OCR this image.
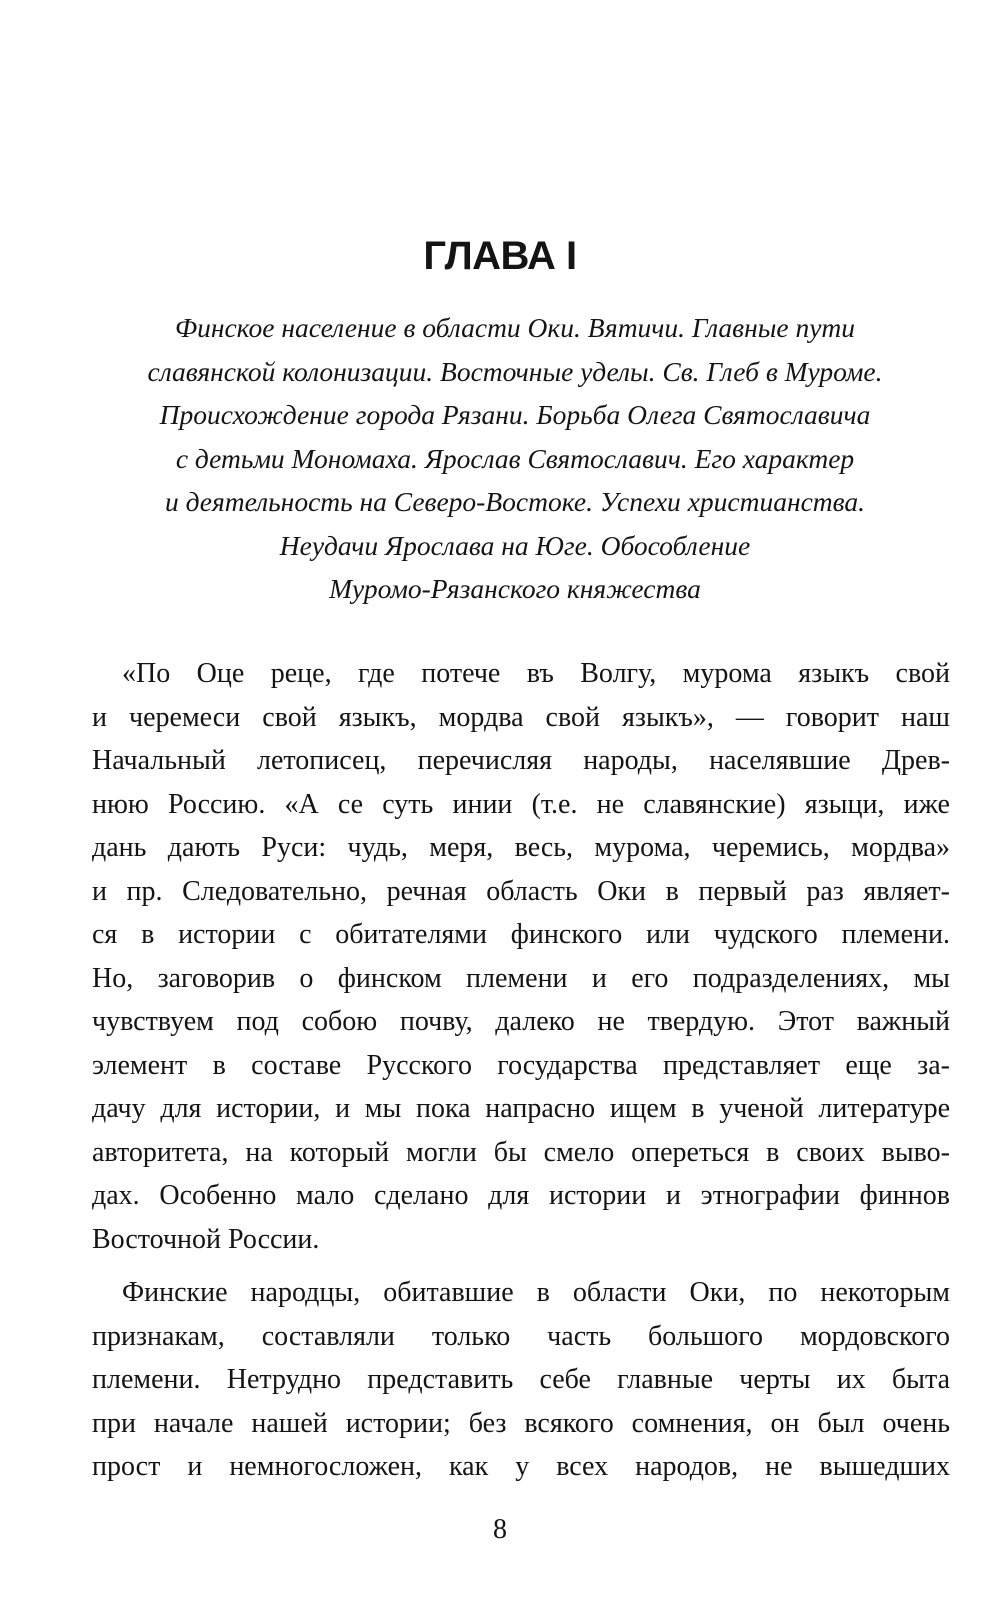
ГЛАВА I
Финское население в области Оки. Вятичи. Главные пути
славянской колонизации. Восточные уделы. Св. Глеб в Муроме.
Происхождение города Рязани. Борьба Олега Святославича
с детьми Мономаха. Ярослав Святославич. Его характер
и деятельность на Северо-Востоке. Успехи христианства.
Неудачи Ярослава на Юге. Обособление
Муромо-Рязанского княжества

«По Оце реце, где потече въ Волгу, мурома языкъ свой
и черемеси свой языкъ, мордва свой языкъ», — говорит наш
Начальный летописец, перечисляя народы, населявшие Древ-
нюю Россию. «А се суть инии (т.е. не славянские) языци, иже
дань дають Руси: чудь, меря, весь, мурома, черемись, мордва»
и пр. Следовательно, речная область Оки в первый раз являет-
ся в истории с обитателями финского или чудского племени.
Но, заговорив о финском племени и его подразделениях, мы
чувствуем под собою почву, далеко не твердую. Этот важный
элемент в составе Русского государства представляет еще за-
дачу для истории, и мы пока напрасно ищем в ученой литературе
авторитета, на который могли бы смело опереться в своих выво-
дах. Особенно мало сделано для истории и этнографии финнов
Восточной России.

Финские народцы, обитавшие в области Оки, по некоторым
признакам, составляли только часть большого мордовского
племени. Нетрудно представить себе главные черты их быта
при начале нашей истории; без всякого сомнения, он был очень
прост и немногосложен, как у всех народов, не вышедших

8
